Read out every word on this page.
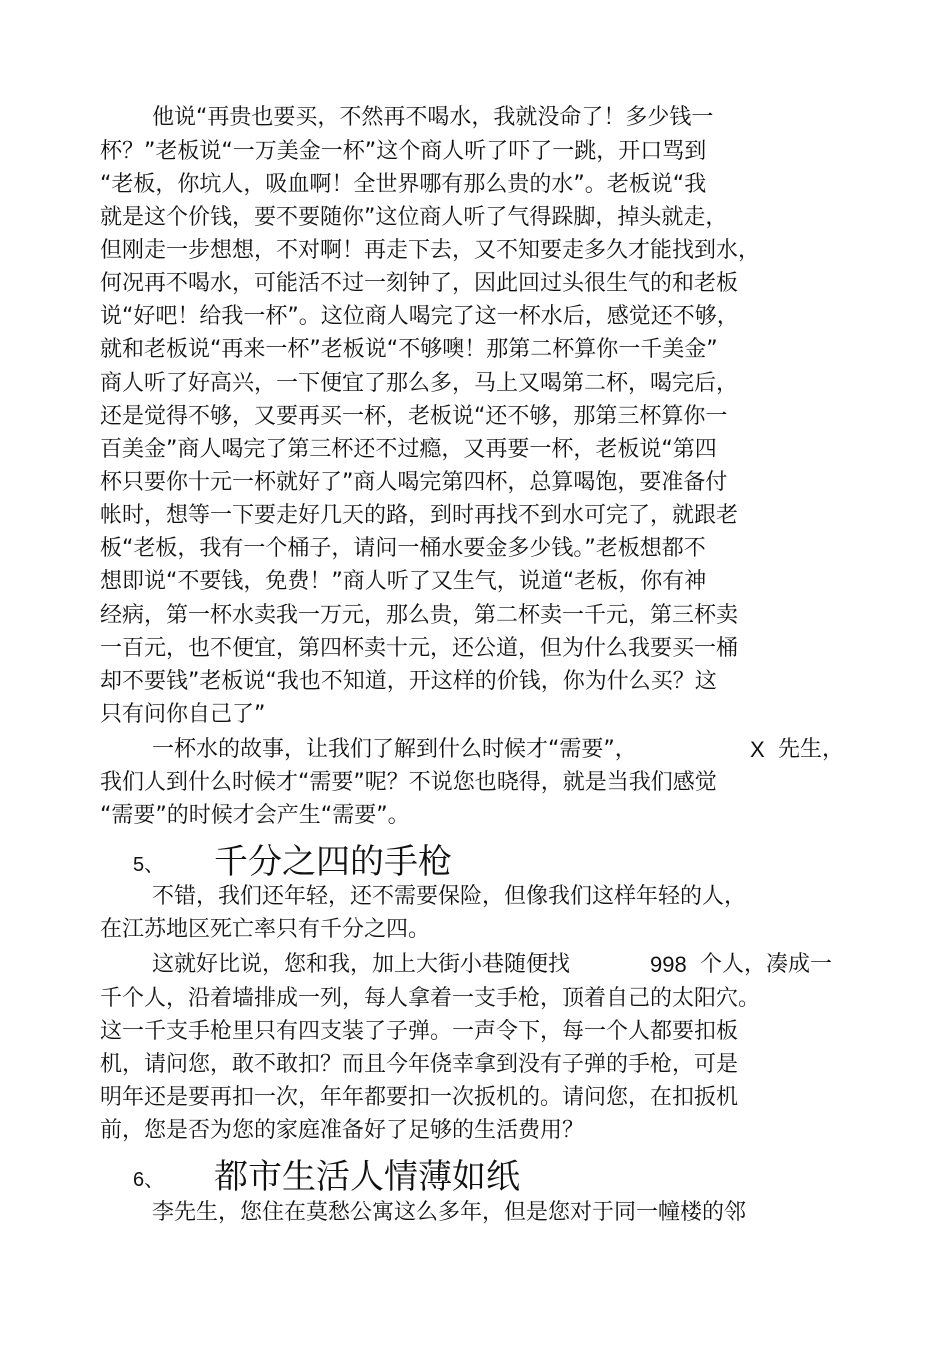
他说“再贵也要买，不然再不喝水，我就没命了！多少钱一
杯？”老板说“一万美金一杯”这个商人听了吓了一跳，开口骂到
“老板，你坑人，吸血啊！全世界哪有那么贵的水”。老板说“我
就是这个价钱，要不要随你”这位商人听了气得跺脚，掉头就走，
但刚走一步想想，不对啊！再走下去，又不知要走多久才能找到水，
何况再不喝水，可能活不过一刻钟了，因此回过头很生气的和老板
说“好吧！给我一杯”。这位商人喝完了这一杯水后，感觉还不够，
就和老板说“再来一杯”老板说“不够噢！那第二杯算你一千美金”
商人听了好高兴，一下便宜了那么多，马上又喝第二杯，喝完后，
还是觉得不够，又要再买一杯，老板说“还不够，那第三杯算你一
百美金”商人喝完了第三杯还不过瘾，又再要一杯，老板说“第四
杯只要你十元一杯就好了”商人喝完第四杯，总算喝饱，要准备付
帐时，想等一下要走好几天的路，到时再找不到水可完了，就跟老
板“老板，我有一个桶子，请问一桶水要金多少钱。”老板想都不
想即说“不要钱，免费！”商人听了又生气，说道“老板，你有神
经病，第一杯水卖我一万元，那么贵，第二杯卖一千元，第三杯卖
一百元，也不便宜，第四杯卖十元，还公道，但为什么我要买一桶
却不要钱”老板说“我也不知道，开这样的价钱，你为什么买？这
只有问你自己了”
一杯水的故事，让我们了解到什么时候才“需要”，	X 先生，
我们人到什么时候才“需要”呢？不说您也晓得，就是当我们感觉
“需要”的时候才会产生“需要”。
5、 千分之四的手枪
不错，我们还年轻，还不需要保险，但像我们这样年轻的人，
在江苏地区死亡率只有千分之四。
这就好比说，您和我，加上大街小巷随便找	998 个人，凑成一
千个人，沿着墙排成一列，每人拿着一支手枪，顶着自己的太阳穴。
这一千支手枪里只有四支装了子弹。一声令下，每一个人都要扣板
机，请问您，敢不敢扣？而且今年侥幸拿到没有子弹的手枪，可是
明年还是要再扣一次，年年都要扣一次扳机的。请问您，在扣扳机
前，您是否为您的家庭准备好了足够的生活费用？
6、 都市生活人情薄如纸
李先生，您住在莫愁公寓这么多年，但是您对于同一幢楼的邻
